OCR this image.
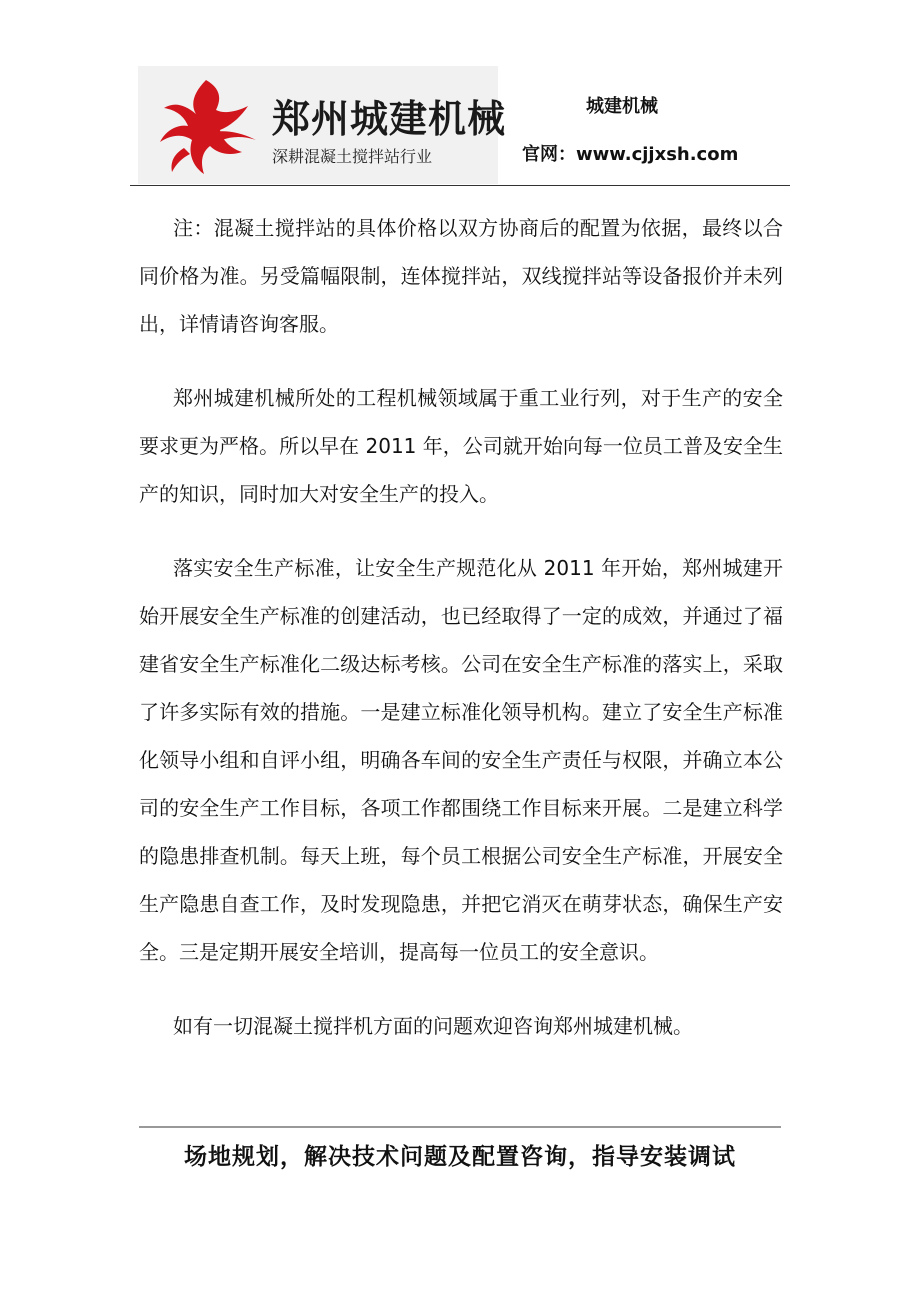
郑州城建机械
深耕混凝土搅拌站行业
城建机械
官网：www.cjjxsh.com

注：混凝土搅拌站的具体价格以双方协商后的配置为依据，最终以合同价格为准。另受篇幅限制，连体搅拌站，双线搅拌站等设备报价并未列出，详情请咨询客服。

郑州城建机械所处的工程机械领域属于重工业行列，对于生产的安全要求更为严格。所以早在 2011 年，公司就开始向每一位员工普及安全生产的知识，同时加大对安全生产的投入。

落实安全生产标准，让安全生产规范化从 2011 年开始，郑州城建开始开展安全生产标准的创建活动，也已经取得了一定的成效，并通过了福建省安全生产标准化二级达标考核。公司在安全生产标准的落实上，采取了许多实际有效的措施。一是建立标准化领导机构。建立了安全生产标准化领导小组和自评小组，明确各车间的安全生产责任与权限，并确立本公司的安全生产工作目标，各项工作都围绕工作目标来开展。二是建立科学的隐患排查机制。每天上班，每个员工根据公司安全生产标准，开展安全生产隐患自查工作，及时发现隐患，并把它消灭在萌芽状态，确保生产安全。三是定期开展安全培训，提高每一位员工的安全意识。

如有一切混凝土搅拌机方面的问题欢迎咨询郑州城建机械。

场地规划，解决技术问题及配置咨询，指导安装调试
